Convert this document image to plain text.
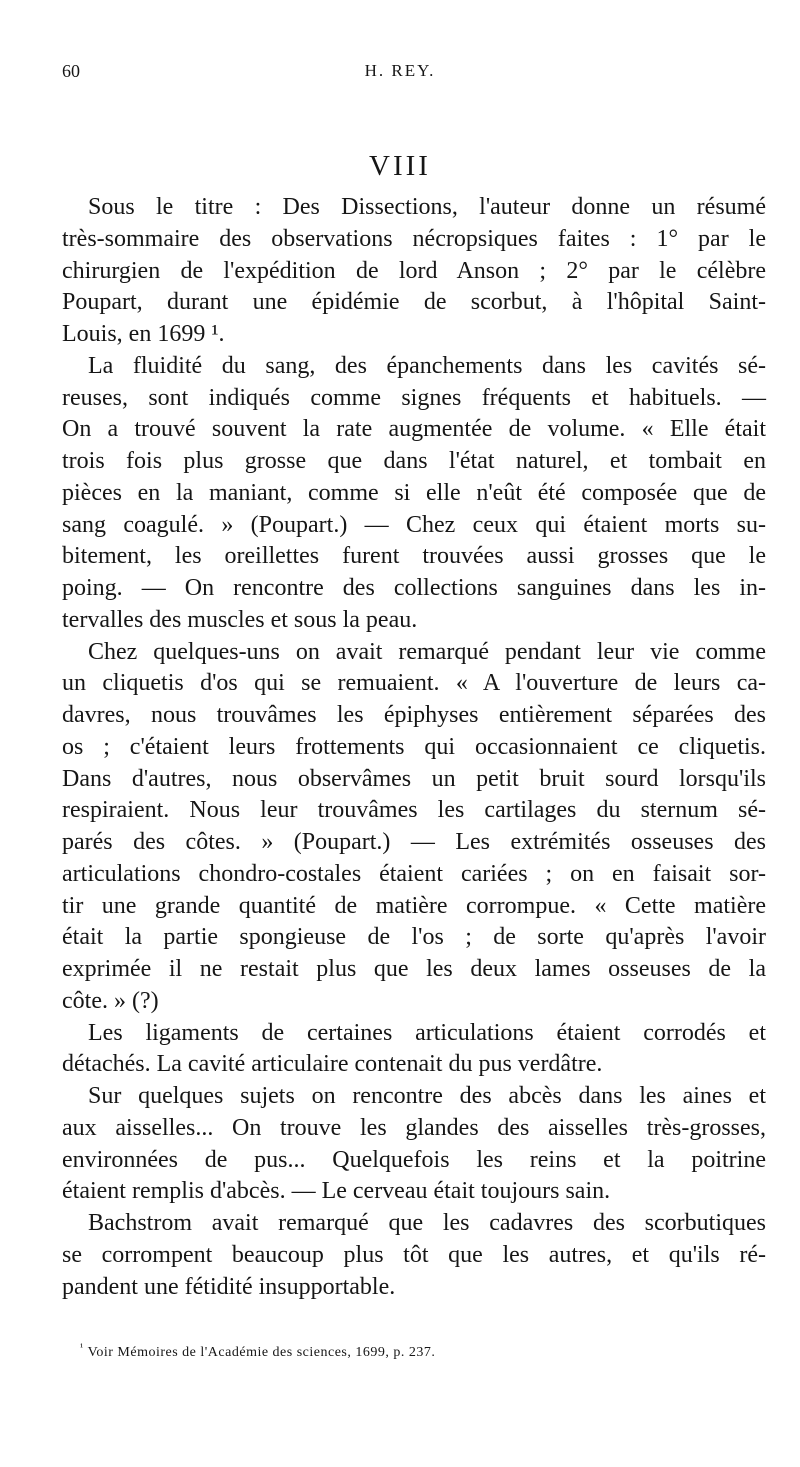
60	H. REY.
VIII
Sous le titre : Des Dissections, l'auteur donne un résumé
très-sommaire des observations nécropsiques faites : 1° par le
chirurgien de l'expédition de lord Anson ; 2° par le célèbre
Poupart, durant une épidémie de scorbut, à l'hôpital Saint-
Louis, en 1699 ¹.
La fluidité du sang, des épanchements dans les cavités sé-
reuses, sont indiqués comme signes fréquents et habituels. —
On a trouvé souvent la rate augmentée de volume. « Elle était
trois fois plus grosse que dans l'état naturel, et tombait en
pièces en la maniant, comme si elle n'eût été composée que de
sang coagulé. » (Poupart.) — Chez ceux qui étaient morts su-
bitement, les oreillettes furent trouvées aussi grosses que le
poing. — On rencontre des collections sanguines dans les in-
tervalles des muscles et sous la peau.
Chez quelques-uns on avait remarqué pendant leur vie comme
un cliquetis d'os qui se remuaient. « A l'ouverture de leurs ca-
davres, nous trouvâmes les épiphyses entièrement séparées des
os ; c'étaient leurs frottements qui occasionnaient ce cliquetis.
Dans d'autres, nous observâmes un petit bruit sourd lorsqu'ils
respiraient. Nous leur trouvâmes les cartilages du sternum sé-
parés des côtes. » (Poupart.) — Les extrémités osseuses des
articulations chondro-costales étaient cariées ; on en faisait sor-
tir une grande quantité de matière corrompue. « Cette matière
était la partie spongieuse de l'os ; de sorte qu'après l'avoir
exprimée il ne restait plus que les deux lames osseuses de la
côte. » (?)
Les ligaments de certaines articulations étaient corrodés et
détachés. La cavité articulaire contenait du pus verdâtre.
Sur quelques sujets on rencontre des abcès dans les aines et
aux aisselles... On trouve les glandes des aisselles très-grosses,
environnées de pus... Quelquefois les reins et la poitrine
étaient remplis d'abcès. — Le cerveau était toujours sain.
Bachstrom avait remarqué que les cadavres des scorbutiques
se corrompent beaucoup plus tôt que les autres, et qu'ils ré-
pandent une fétidité insupportable.
$^{^1}$ Voir Mémoires de l'Académie des sciences, 1699, p. 237.
